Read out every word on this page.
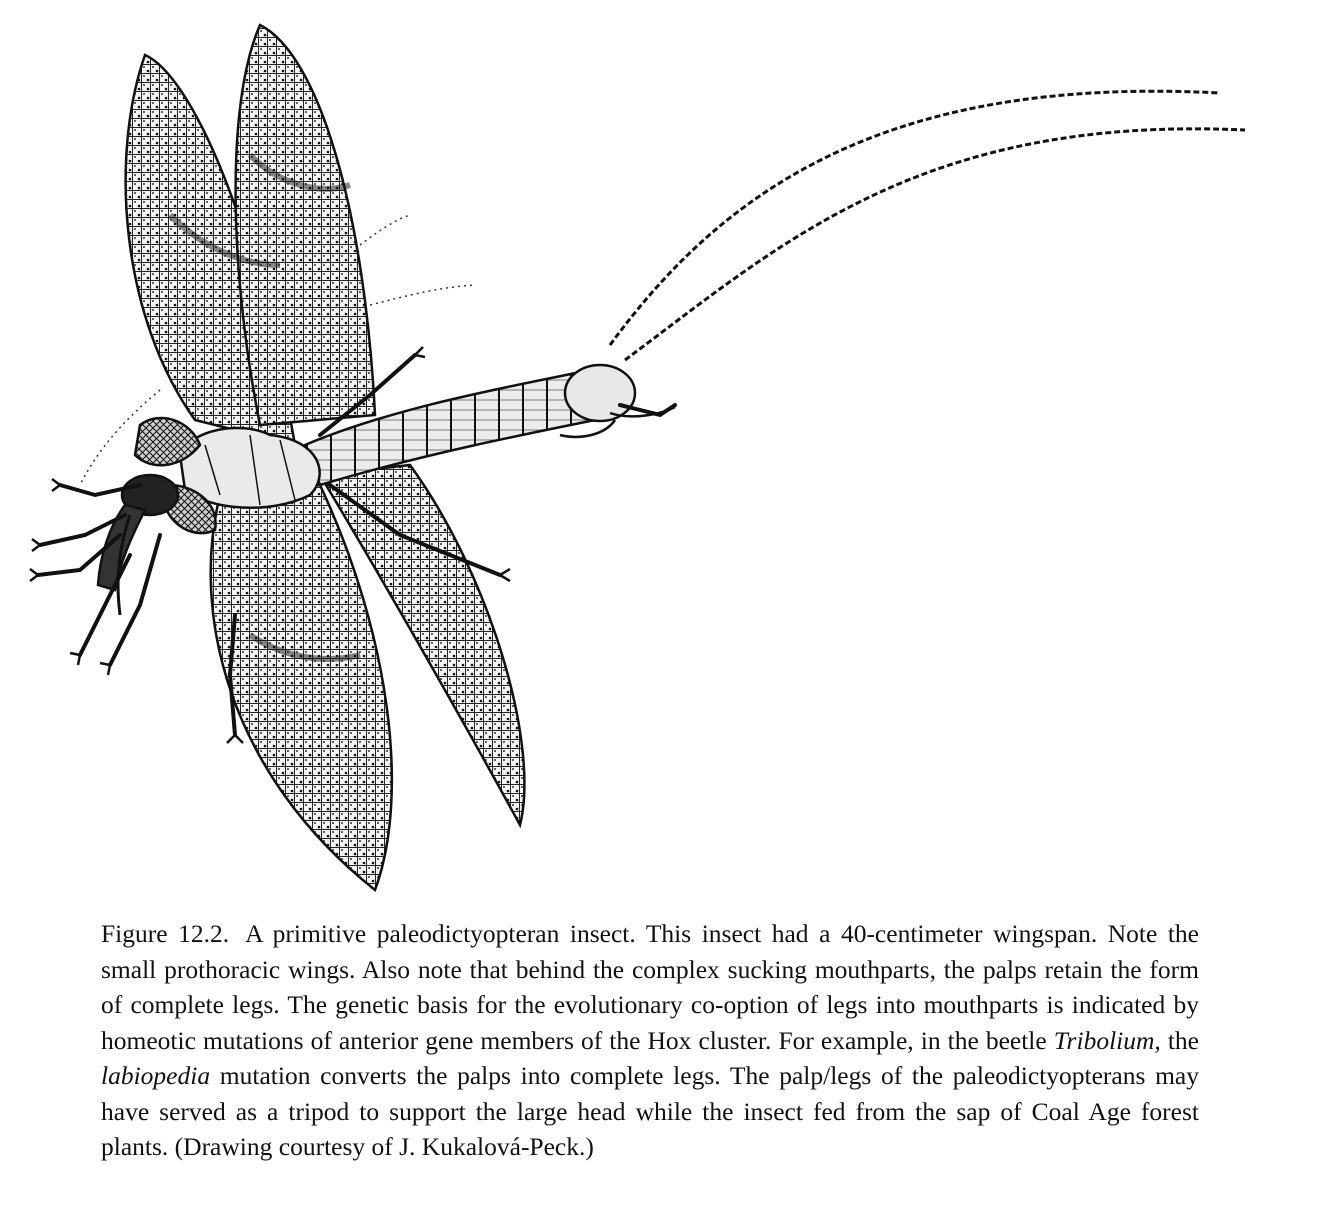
Figure 12.2. A primitive paleodictyopteran insect. This insect had a 40-centimeter wingspan. Note the small prothoracic wings. Also note that behind the complex sucking mouthparts, the palps retain the form of complete legs. The genetic basis for the evolutionary co-option of legs into mouthparts is indicated by homeotic mutations of anterior gene members of the Hox cluster. For example, in the beetle Tribolium, the labiopedia mutation converts the palps into complete legs. The palp/legs of the paleodictyopterans may have served as a tripod to support the large head while the insect fed from the sap of Coal Age forest plants. (Drawing courtesy of J. Kukalová-Peck.)
